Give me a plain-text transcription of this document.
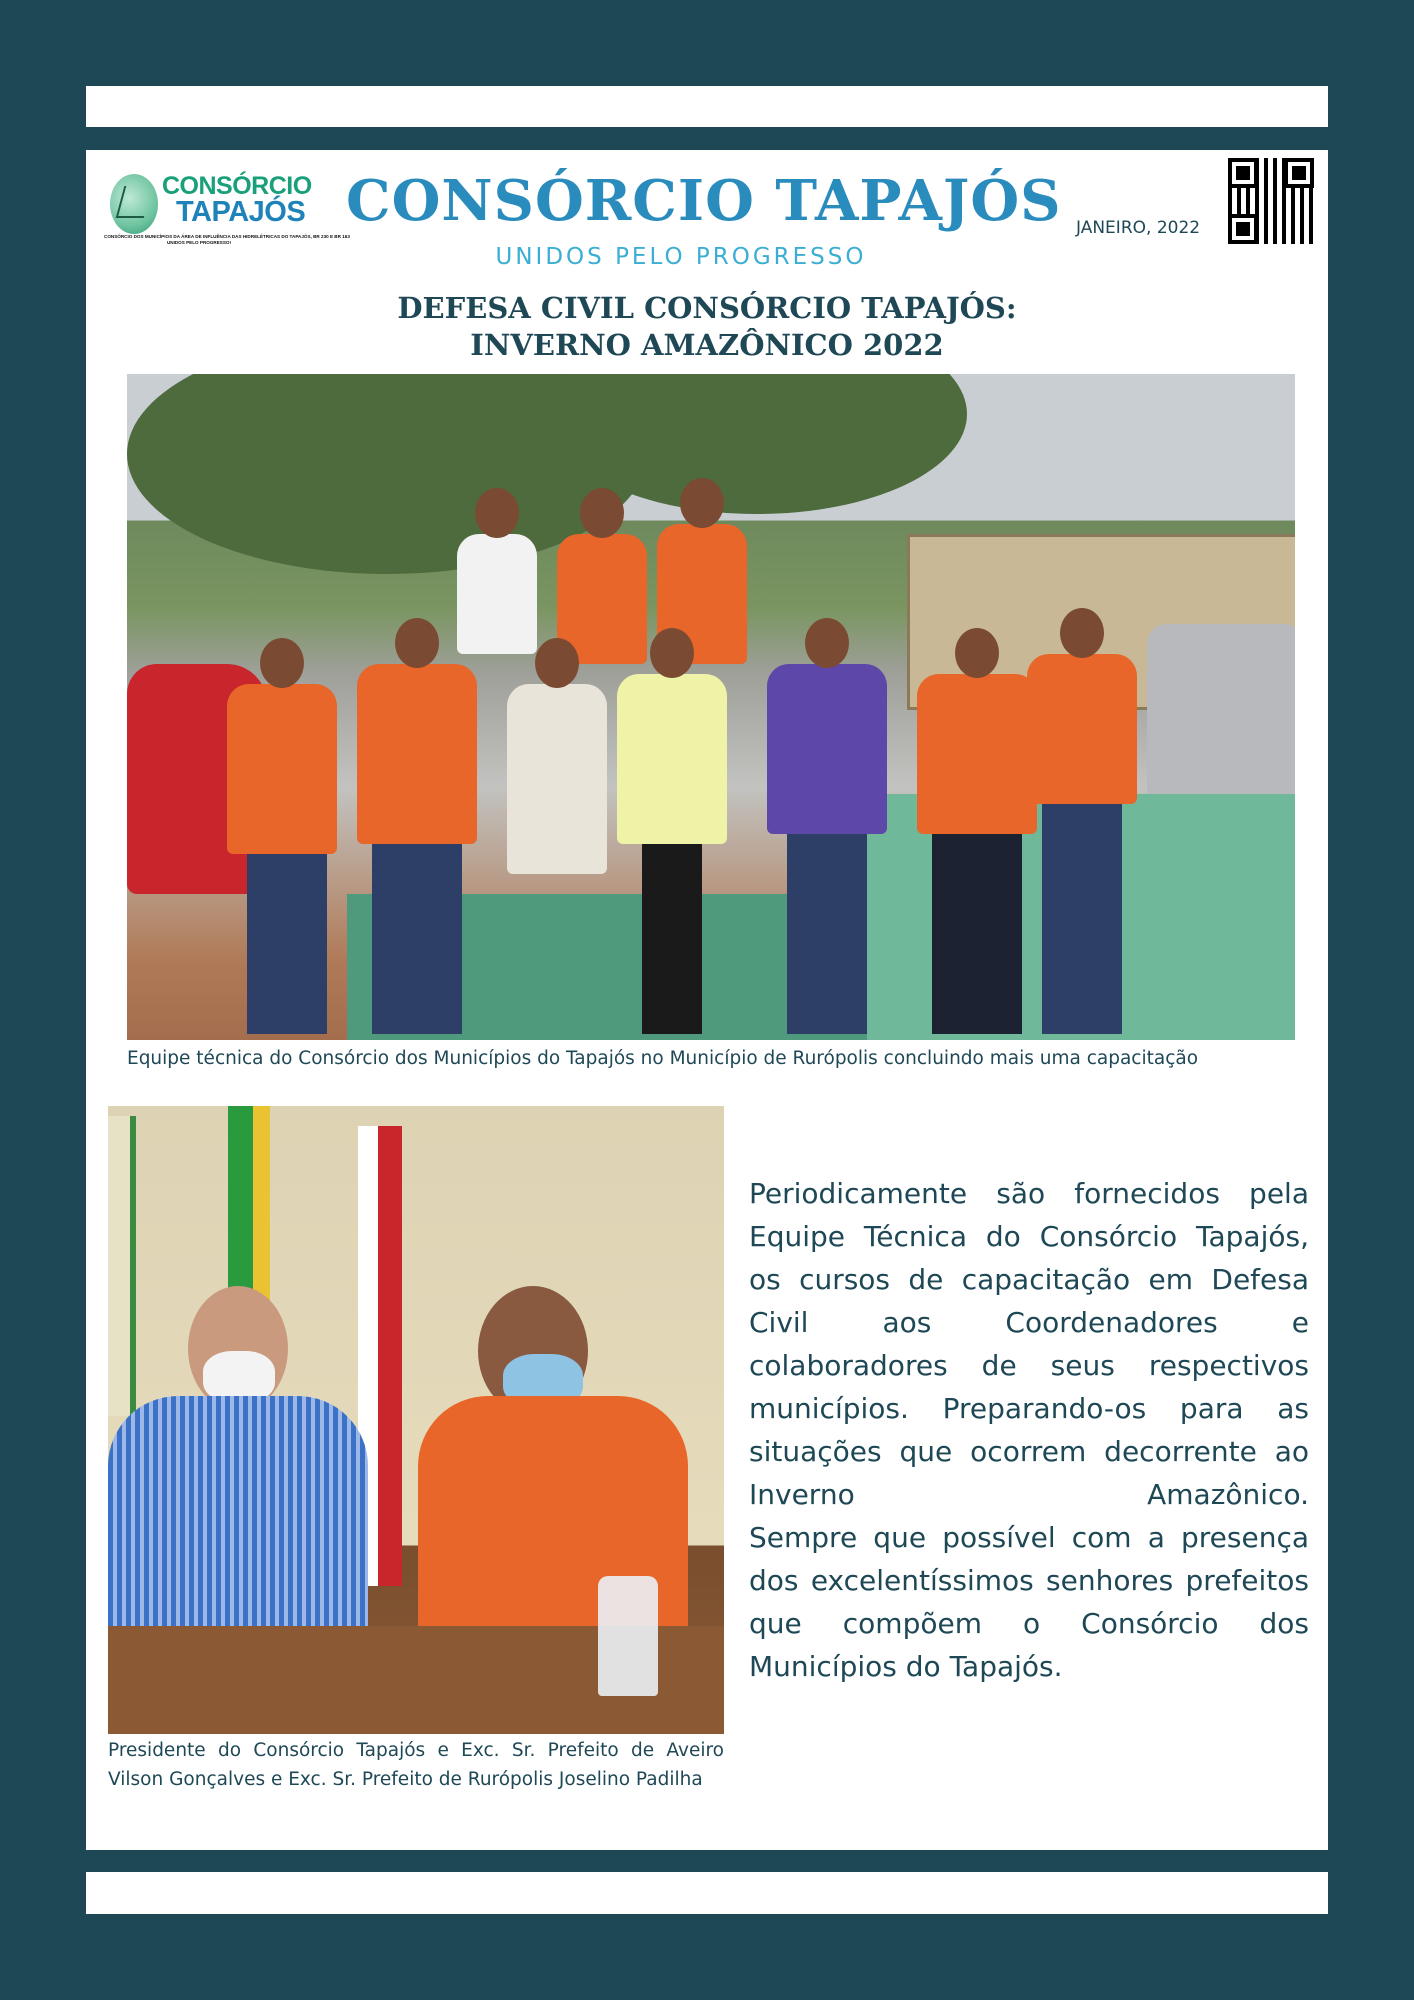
CONSÓRCIO
TAPAJÓS
CONSÓRCIO DOS MUNICÍPIOS DA ÁREA DE INFLUÊNCIA DAS HIDRELÉTRICAS DO TAPAJÓS, BR 230 E BR 163
UNIDOS PELO PROGRESSO!
CONSÓRCIO TAPAJÓS
UNIDOS PELO PROGRESSO
JANEIRO, 2022
DEFESA CIVIL CONSÓRCIO TAPAJÓS:
INVERNO AMAZÔNICO 2022
Equipe técnica do Consórcio dos Municípios do Tapajós no Município de Rurópolis concluindo mais uma capacitação
Presidente do Consórcio Tapajós e Exc. Sr. Prefeito de Aveiro Vilson Gonçalves e Exc. Sr. Prefeito de Rurópolis Joselino Padilha

Periodicamente são fornecidos pela Equipe Técnica do Consórcio Tapajós, os cursos de capacitação em Defesa Civil aos Coordenadores e colaboradores de seus respectivos municípios. Preparando-os para as situações que ocorrem decorrente ao Inverno Amazônico.

Sempre que possível com a presença dos excelentíssimos senhores prefeitos que compõem o Consórcio dos Municípios do Tapajós.
